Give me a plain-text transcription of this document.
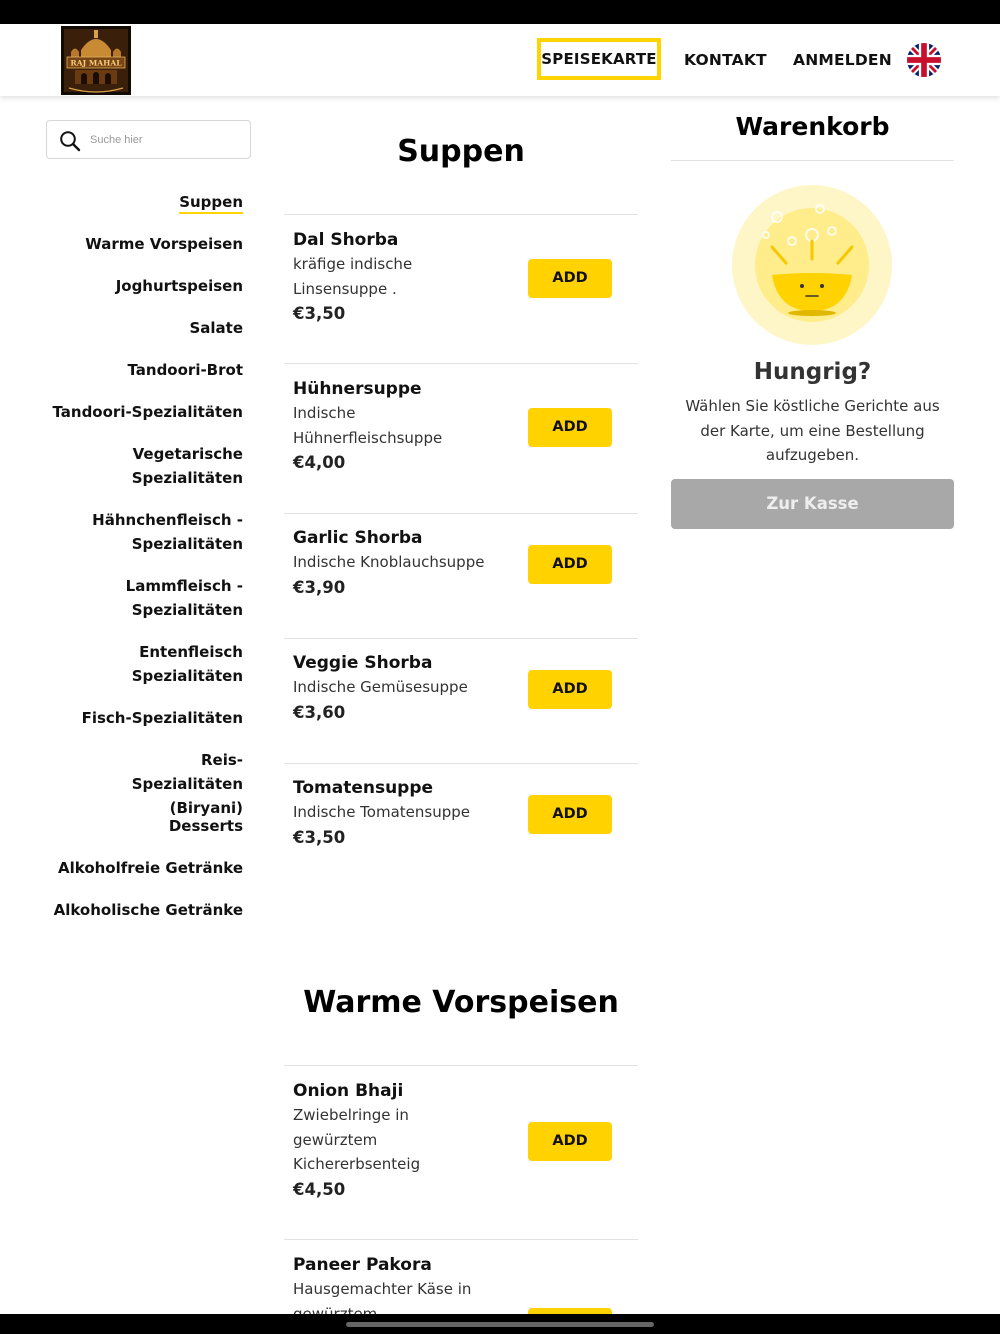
RAJ MAHAL	SPEISEKARTE KONTAKT ANMELDEN
Suche hier
Suppen
Warme Vorspeisen
Joghurtspeisen
Salate
Tandoori-Brot
Tandoori-Spezialitäten
Vegetarische Spezialitäten
Hähnchenfleisch - Spezialitäten
Lammfleisch - Spezialitäten
Entenfleisch Spezialitäten
Fisch-Spezialitäten
Reis-Spezialitäten (Biryani)
Desserts
Alkoholfreie Getränke
Alkoholische Getränke
Suppen
Dal Shorba
kräfige indische Linsensuppe .
€3,50
ADD
Hühnersuppe
Indische Hühnerfleischsuppe
€4,00
ADD
Garlic Shorba
Indische Knoblauchsuppe
€3,90
ADD
Veggie Shorba
Indische Gemüsesuppe
€3,60
ADD
Tomatensuppe
Indische Tomatensuppe
€3,50
ADD
Warme Vorspeisen
Onion Bhaji
Zwiebelringe in gewürztem Kichererbsenteig
€4,50
ADD
Paneer Pakora
Hausgemachter Käse in
Warenkorb
Hungrig?
Wählen Sie köstliche Gerichte aus der Karte, um eine Bestellung aufzugeben.
Zur Kasse
